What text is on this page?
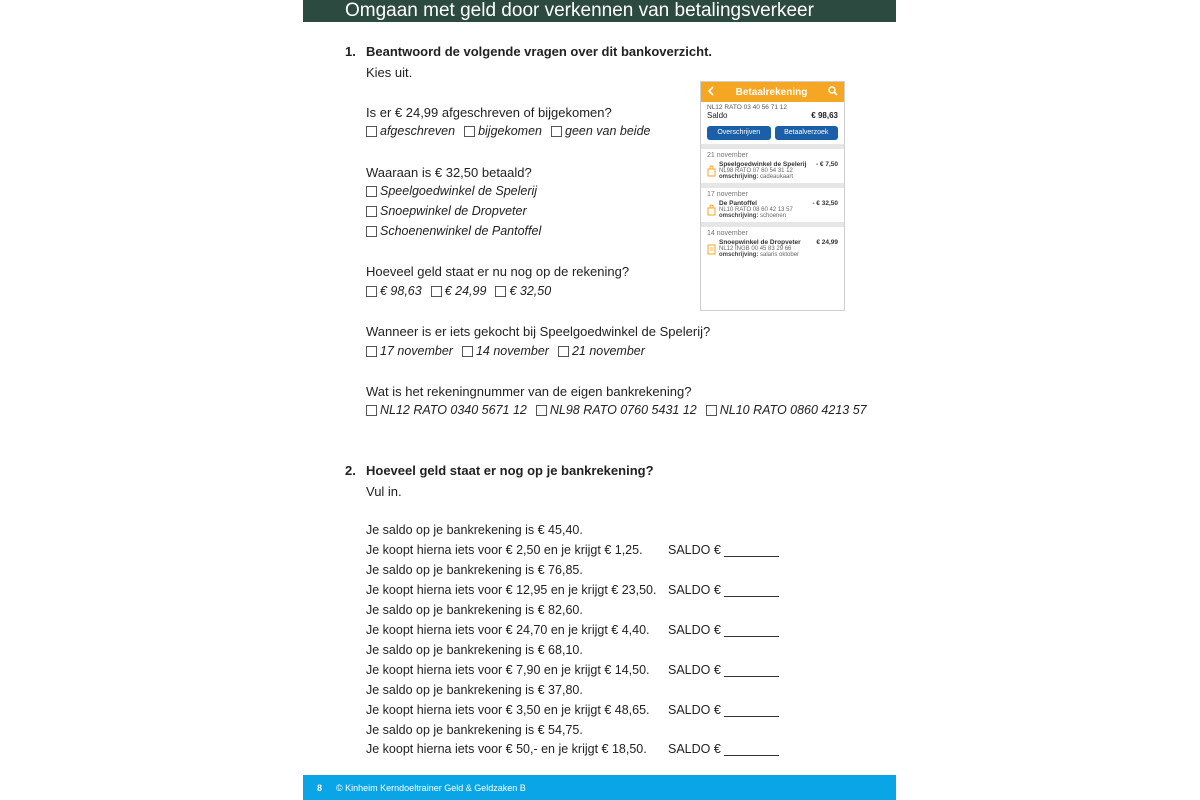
Omgaan met geld door verkennen van betalingsverkeer
1. Beantwoord de volgende vragen over dit bankoverzicht.
Kies uit.
Is er € 24,99 afgeschreven of bijgekomen?
afgeschreven bijgekomen geen van beide
Waaraan is € 32,50 betaald?
Speelgoedwinkel de Spelerij
Snoepwinkel de Dropveter
Schoenenwinkel de Pantoffel
Hoeveel geld staat er nu nog op de rekening?
€ 98,63 € 24,99 € 32,50
Wanneer is er iets gekocht bij Speelgoedwinkel de Spelerij?
17 november 14 november 21 november
Wat is het rekeningnummer van de eigen bankrekening?
NL12 RATO 0340 5671 12 NL98 RATO 0760 5431 12 NL10 RATO 0860 4213 57
Betaalrekening
NL12 RATO 03 40 56 71 12
Saldo	€ 98,63
Overschrijven	Betaalverzoek
21 november
Speelgoedwinkel de Spelerij - € 7,50
NL98 RATO 07 60 54 31 12
omschrijving: cadeaukaart
17 november
De Pantoffel	- € 32,50
NL10 RATO 08 60 42 13 57
omschrijving: schoenen
14 november
Snoepwinkel de Dropveter € 24,99
NL12 INGB 00 45 83 29 66
omschrijving: salaris oktober
2. Hoeveel geld staat er nog op je bankrekening?
Vul in.
Je saldo op je bankrekening is € 45,40.
Je koopt hierna iets voor € 2,50 en je krijgt € 1,25. SALDO €
Je saldo op je bankrekening is € 76,85.
Je koopt hierna iets voor € 12,95 en je krijgt € 23,50. SALDO €
Je saldo op je bankrekening is € 82,60.
Je koopt hierna iets voor € 24,70 en je krijgt € 4,40. SALDO €
Je saldo op je bankrekening is € 68,10.
Je koopt hierna iets voor € 7,90 en je krijgt € 14,50. SALDO €
Je saldo op je bankrekening is € 37,80.
Je koopt hierna iets voor € 3,50 en je krijgt € 48,65. SALDO €
Je saldo op je bankrekening is € 54,75.
Je koopt hierna iets voor € 50,- en je krijgt € 18,50. SALDO €
8 © Kinheim Kerndoeltrainer Geld & Geldzaken B
